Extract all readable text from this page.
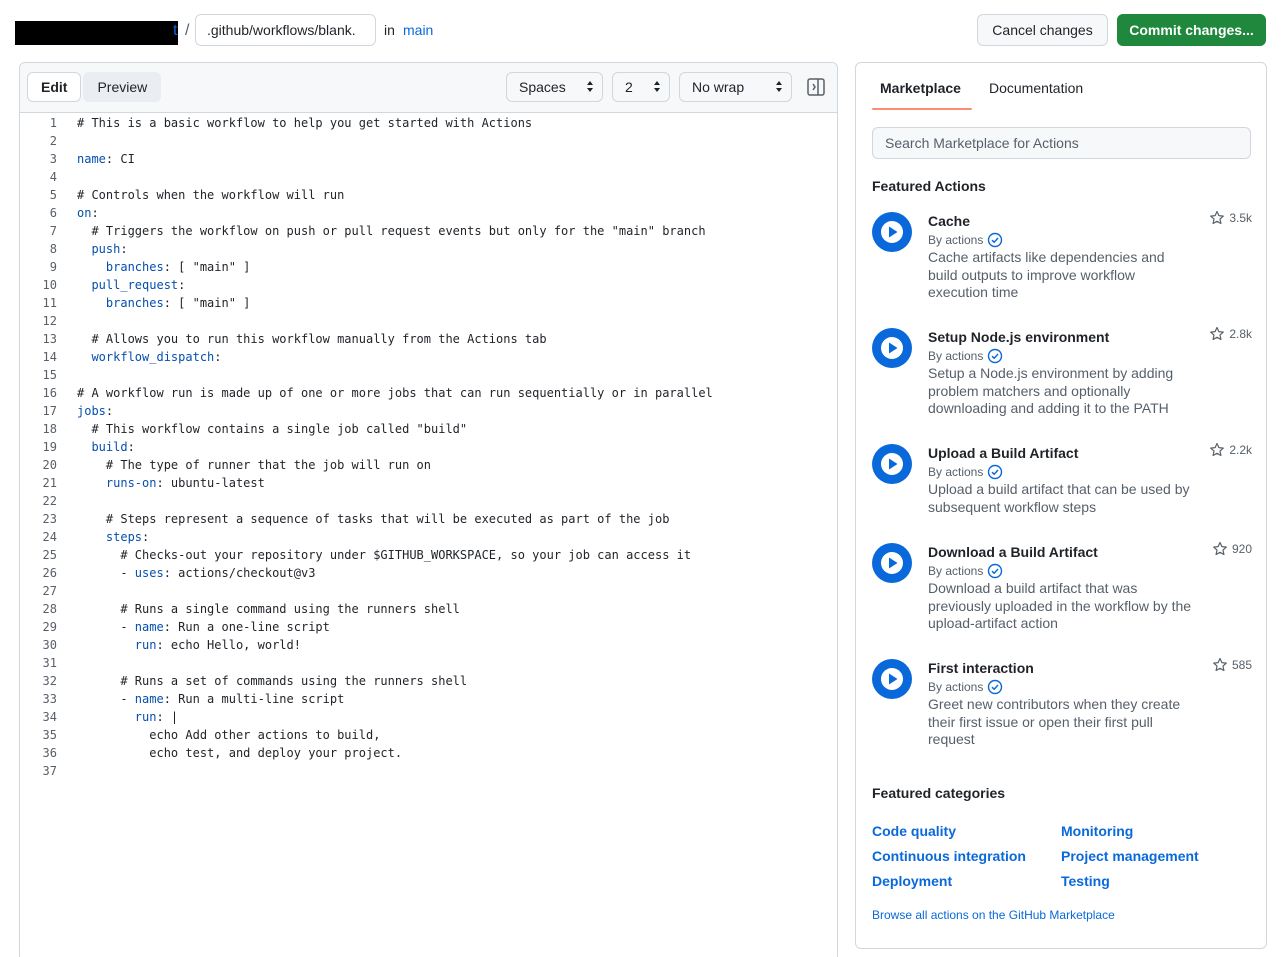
t /	.github/workflows/blank.	in main	Cancel changes	Commit changes...
Edit	Preview	Spaces	2	No wrap
1 # This is a basic workflow to help you get started with Actions
2
3 name: CI
4
5 # Controls when the workflow will run
6 on:
7 # Triggers the workflow on push or pull request events but only for the "main" branch
8	push:
9	branches: [ "main" ]
10	pull_request:
11	branches: [ "main" ]
12
13 # Allows you to run this workflow manually from the Actions tab
14	workflow_dispatch:
15
16 # A workflow run is made up of one or more jobs that can run sequentially or in parallel
17 jobs:
18 # This workflow contains a single job called "build"
19	build:
20 # The type of runner that the job will run on
21	runs-on: ubuntu-latest
22
23 # Steps represent a sequence of tasks that will be executed as part of the job
24	steps:
25 # Checks-out your repository under $GITHUB_WORKSPACE, so your job can access it
26 - uses: actions/checkout@v3
27
28 # Runs a single command using the runners shell
29 - name: Run a one-line script
30	run: echo Hello, world!
31
32 # Runs a set of commands using the runners shell
33 - name: Run a multi-line script
34	run: |
35 echo Add other actions to build,
36 echo test, and deploy your project.
37
Marketplace Documentation
Search Marketplace for Actions
Featured Actions
Cache
By actions
Cache artifacts like dependencies and build outputs to improve workflow execution time
3.5k
Setup Node.js environment
By actions
Setup a Node.js environment by adding problem matchers and optionally downloading and adding it to the PATH
2.8k
Upload a Build Artifact
By actions
Upload a build artifact that can be used by subsequent workflow steps
2.2k
Download a Build Artifact
By actions
Download a build artifact that was previously uploaded in the workflow by the upload-artifact action
920
First interaction
By actions
Greet new contributors when they create their first issue or open their first pull request
585
Featured categories
Code quality	Monitoring
Continuous integration	Project management
Deployment	Testing
Browse all actions on the GitHub Marketplace
